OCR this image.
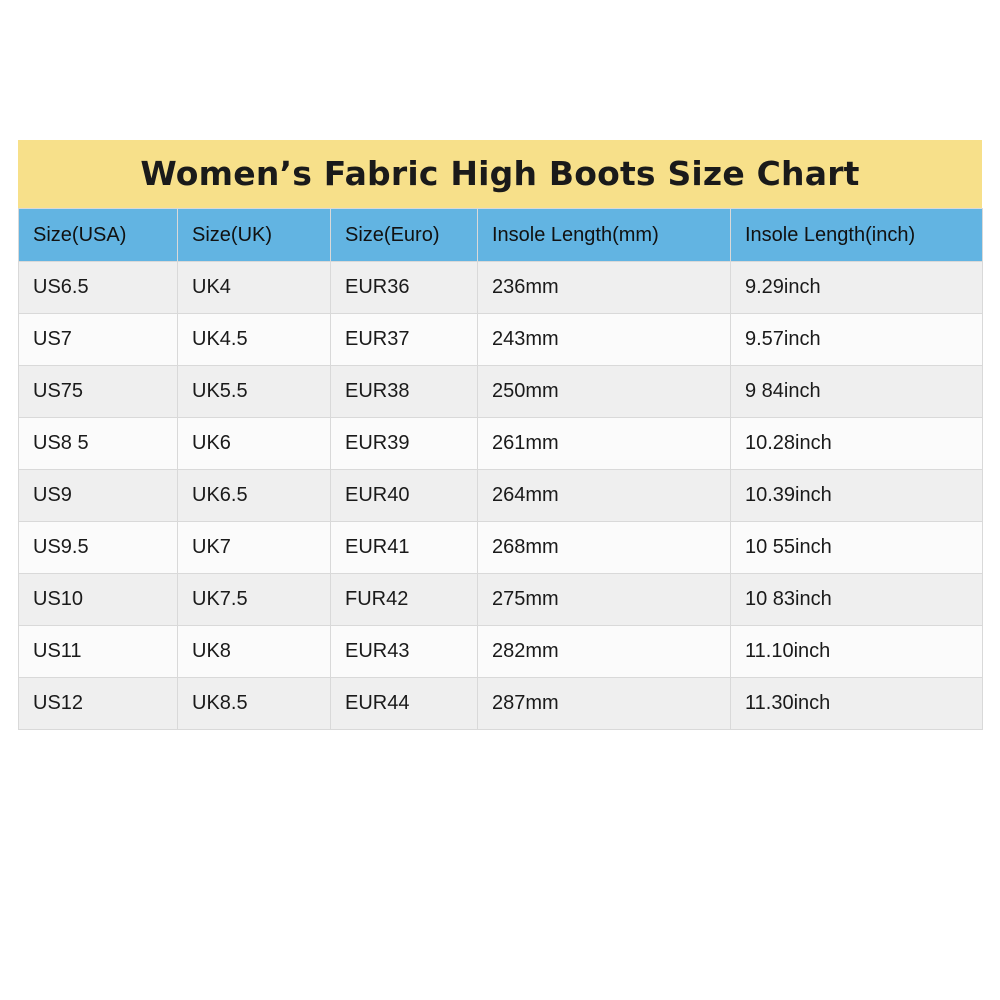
Women’s Fabric High Boots Size Chart
Size(USA)	Size(UK)	Size(Euro)	Insole Length(mm)	Insole Length(inch)
US6.5	UK4	EUR36	236mm	9.29inch
US7	UK4.5	EUR37	243mm	9.57inch
US75	UK5.5	EUR38	250mm	9 84inch
US8 5	UK6	EUR39	261mm	10.28inch
US9	UK6.5	EUR40	264mm	10.39inch
US9.5	UK7	EUR41	268mm	10 55inch
US10	UK7.5	FUR42	275mm	10 83inch
US11	UK8	EUR43	282mm	11.10inch
US12	UK8.5	EUR44	287mm	11.30inch
